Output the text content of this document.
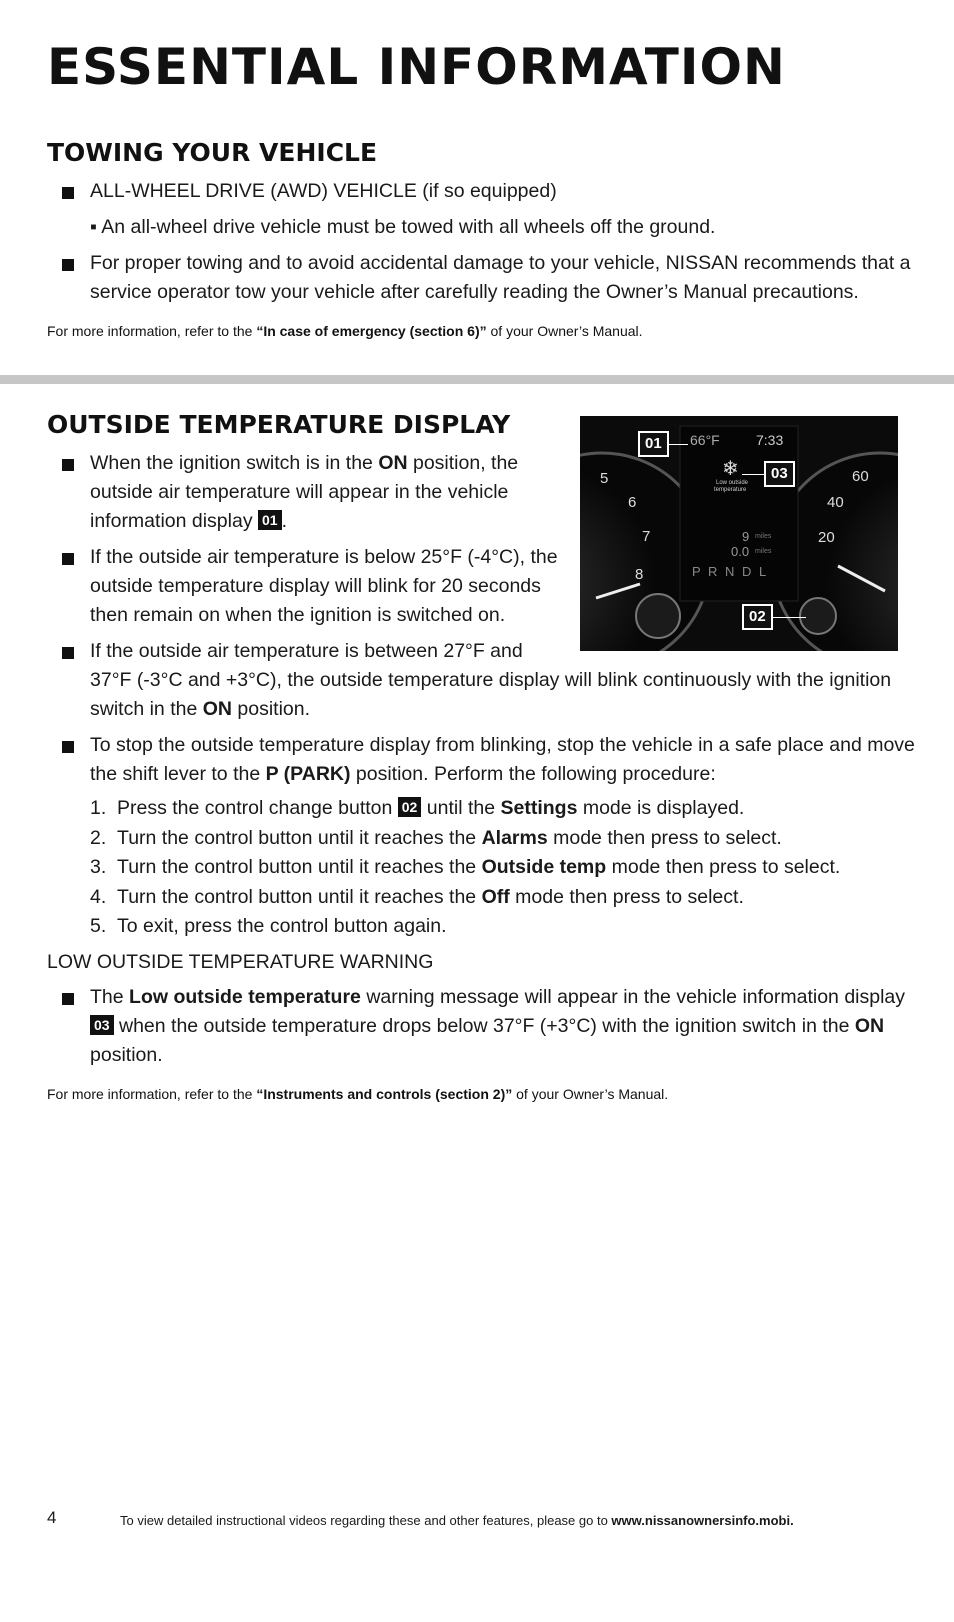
ESSENTIAL INFORMATION
TOWING YOUR VEHICLE
ALL-WHEEL DRIVE (AWD) VEHICLE (if so equipped)
▪ An all-wheel drive vehicle must be towed with all wheels off the ground.
For proper towing and to avoid accidental damage to your vehicle, NISSAN recommends that a service operator tow your vehicle after carefully reading the Owner’s Manual precautions.
For more information, refer to the “In case of emergency (section 6)” of your Owner’s Manual.
OUTSIDE TEMPERATURE DISPLAY
When the ignition switch is in the ON position, the outside air temperature will appear in the vehicle information display 01 .
If the outside air temperature is below 25°F (-4°C), the outside temperature display will blink for 20 seconds then remain on when the ignition is switched on.
If the outside air temperature is between 27°F and
37°F (-3°C and +3°C), the outside temperature display will blink continuously with the ignition switch in the ON position.
To stop the outside temperature display from blinking, stop the vehicle in a safe place and move the shift lever to the P (PARK) position. Perform the following procedure:
1. Press the control change button 02 until the Settings mode is displayed.
2. Turn the control button until it reaches the Alarms mode then press to select.
3. Turn the control button until it reaches the Outside temp mode then press to select.
4. Turn the control button until it reaches the Off mode then press to select.
5. To exit, press the control button again.
LOW OUTSIDE TEMPERATURE WARNING
The Low outside temperature warning message will appear in the vehicle information display 03 when the outside temperature drops below 37°F (+3°C) with the ignition switch in the ON position.
For more information, refer to the “Instruments and controls (section 2)” of your Owner’s Manual.
66°F	7:33
❄
Low outside
temperature
9 miles
0.0 miles
P R N D L
5
6
7
8
60
40
20
01
03
02
4	To view detailed instructional videos regarding these and other features, please go to www.nissanownersinfo.mobi.
